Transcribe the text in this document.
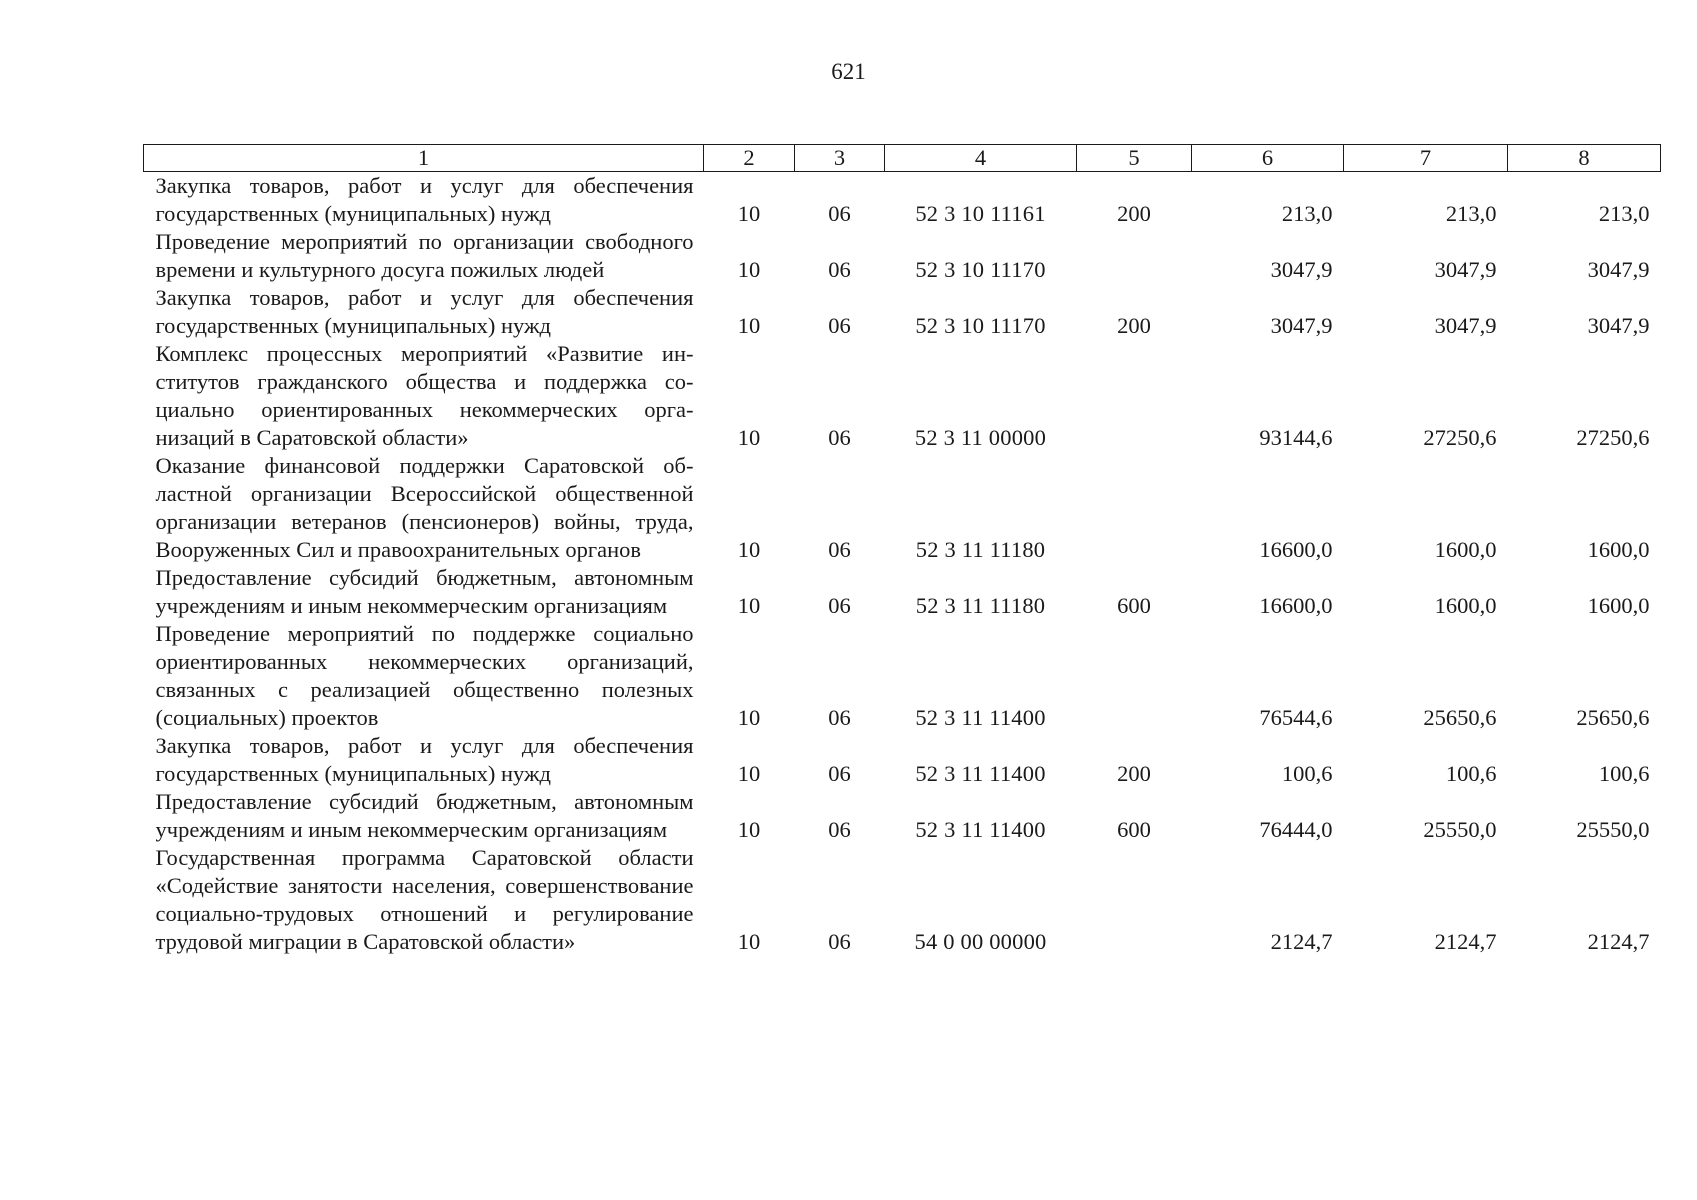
621
1	2	3	4	5	6	7	8
Закупка товаров, работ и услуг для обеспечения государственных (муниципальных) нужд	10	06	52 3 10 11161	200	213,0	213,0	213,0
Проведение мероприятий по организации свободного времени и культурного досуга пожилых людей	10	06	52 3 10 11170		3047,9	3047,9	3047,9
Закупка товаров, работ и услуг для обеспечения государственных (муниципальных) нужд	10	06	52 3 10 11170	200	3047,9	3047,9	3047,9
Комплекс процессных мероприятий «Развитие институтов гражданского общества и поддержка социально ориентированных некоммерческих организаций в Саратовской области»	10	06	52 3 11 00000		93144,6	27250,6	27250,6
Оказание финансовой поддержки Саратовской областной организации Всероссийской общественной организации ветеранов (пенсионеров) войны, труда, Вооруженных Сил и правоохранительных органов	10	06	52 3 11 11180		16600,0	1600,0	1600,0
Предоставление субсидий бюджетным, автономным учреждениям и иным некоммерческим организациям	10	06	52 3 11 11180	600	16600,0	1600,0	1600,0
Проведение мероприятий по поддержке социально ориентированных некоммерческих организаций, связанных с реализацией общественно полезных (социальных) проектов	10	06	52 3 11 11400		76544,6	25650,6	25650,6
Закупка товаров, работ и услуг для обеспечения государственных (муниципальных) нужд	10	06	52 3 11 11400	200	100,6	100,6	100,6
Предоставление субсидий бюджетным, автономным учреждениям и иным некоммерческим организациям	10	06	52 3 11 11400	600	76444,0	25550,0	25550,0
Государственная программа Саратовской области «Содействие занятости населения, совершенствование социально-трудовых отношений и регулирование трудовой миграции в Саратовской области»	10	06	54 0 00 00000		2124,7	2124,7	2124,7
